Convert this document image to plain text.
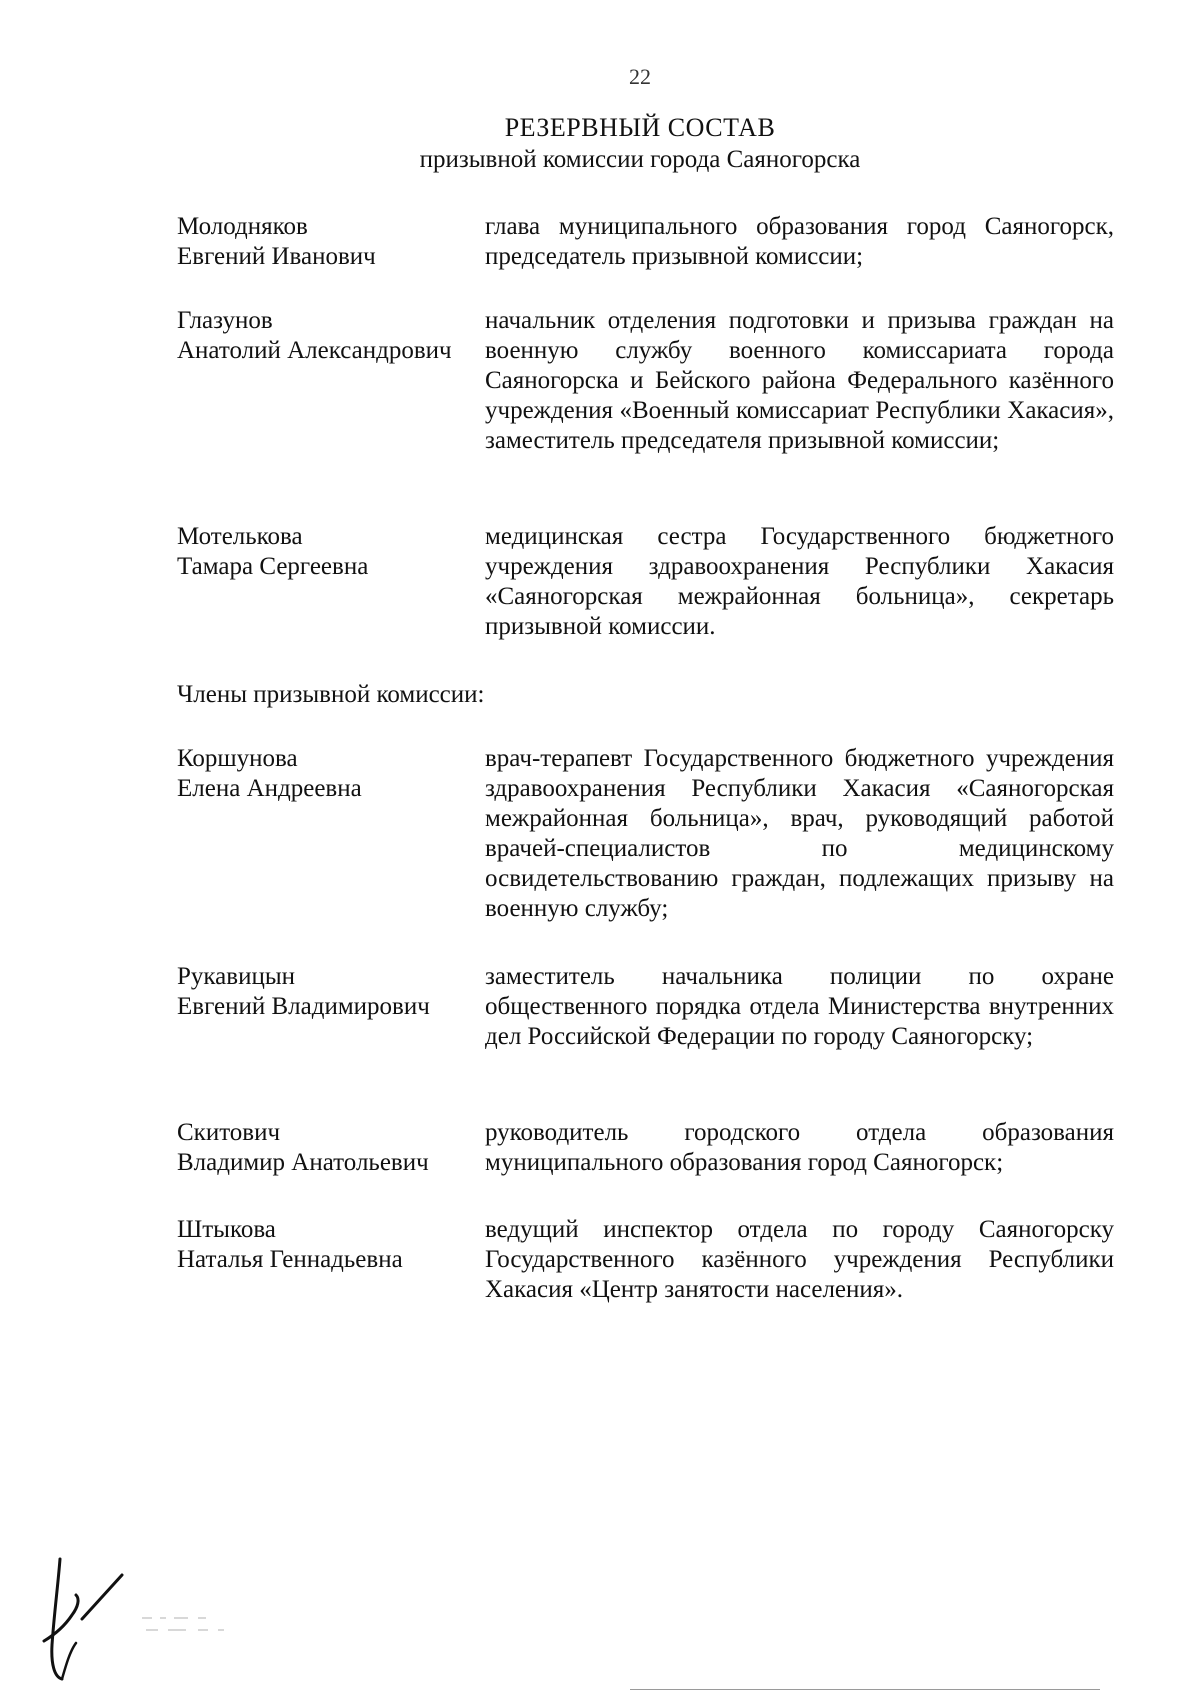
22
РЕЗЕРВНЫЙ СОСТАВ
призывной комиссии города Саяногорска
Молодняков
Евгений Иванович
глава муниципального образования город Саяногорск, председатель призывной комиссии;
Глазунов
Анатолий Александрович
начальник отделения подготовки и призыва граждан на военную службу военного комиссариата города Саяногорска и Бейского района Федерального казённого учреждения «Военный комиссариат Республики Хакасия», заместитель председателя призывной комиссии;
Мотелькова
Тамара Сергеевна
медицинская сестра Государственного бюджетного учреждения здравоохранения Республики Хакасия «Саяногорская межрайонная больница», секретарь призывной комиссии.
Члены призывной комиссии:
Коршунова
Елена Андреевна
врач-терапевт Государственного бюджетного учреждения здравоохранения Республики Хакасия «Саяногорская межрайонная больница», врач, руководящий работой врачей-специалистов по медицинскому освидетельствованию граждан, подлежащих призыву на военную службу;
Рукавицын
Евгений Владимирович
заместитель начальника полиции по охране общественного порядка отдела Министерства внутренних дел Российской Федерации по городу Саяногорску;
Скитович
Владимир Анатольевич
руководитель городского отдела образования муниципального образования город Саяногорск;
Штыкова
Наталья Геннадьевна
ведущий инспектор отдела по городу Саяногорску Государственного казённого учреждения Республики Хакасия «Центр занятости населения».
